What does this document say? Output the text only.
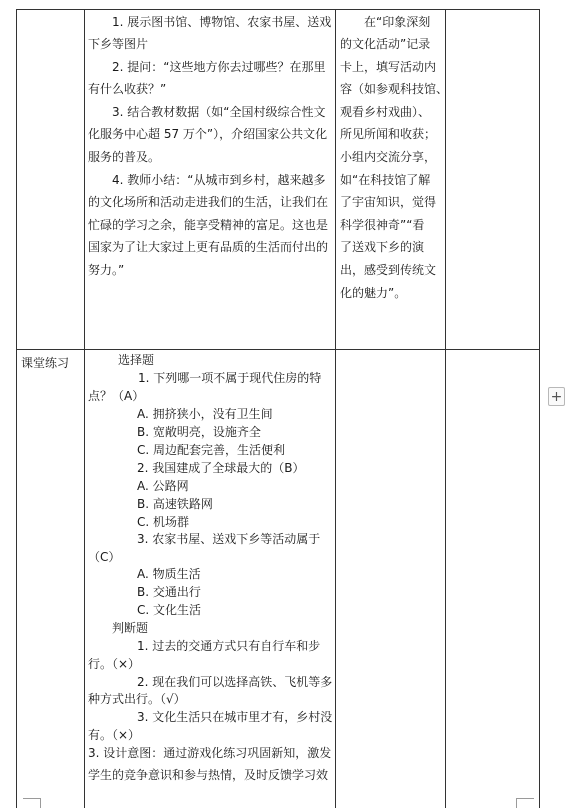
1. 展示图书馆、博物馆、农家书屋、送戏
下乡等图片
2. 提问：“这些地方你去过哪些？在那里
有什么收获？”
3. 结合教材数据（如“全国村级综合性文
化服务中心超 57 万个”），介绍国家公共文化
服务的普及。
4. 教师小结：“从城市到乡村，越来越多
的文化场所和活动走进我们的生活，让我们在
忙碌的学习之余，能享受精神的富足。这也是
国家为了让大家过上更有品质的生活而付出的
努力。”
在“印象深刻
的文化活动”记录
卡上，填写活动内
容（如参观科技馆、
观看乡村戏曲）、
所见所闻和收获；
小组内交流分享，
如“在科技馆了解
了宇宙知识，觉得
科学很神奇”“看
了送戏下乡的演
出，感受到传统文
化的魅力”。
课堂练习	选择题
1. 下列哪一项不属于现代住房的特
点？（A）
A. 拥挤狭小，没有卫生间
B. 宽敞明亮，设施齐全
C. 周边配套完善，生活便利
2. 我国建成了全球最大的（B）
A. 公路网
B. 高速铁路网
C. 机场群
3. 农家书屋、送戏下乡等活动属于
（C）
A. 物质生活
B. 交通出行
C. 文化生活
判断题
1. 过去的交通方式只有自行车和步
行。（×）
2. 现在我们可以选择高铁、飞机等多
种方式出行。（√）
3. 文化生活只在城市里才有，乡村没
有。（×）
3. 设计意图：通过游戏化练习巩固新知，激发
学生的竞争意识和参与热情，及时反馈学习效
+
